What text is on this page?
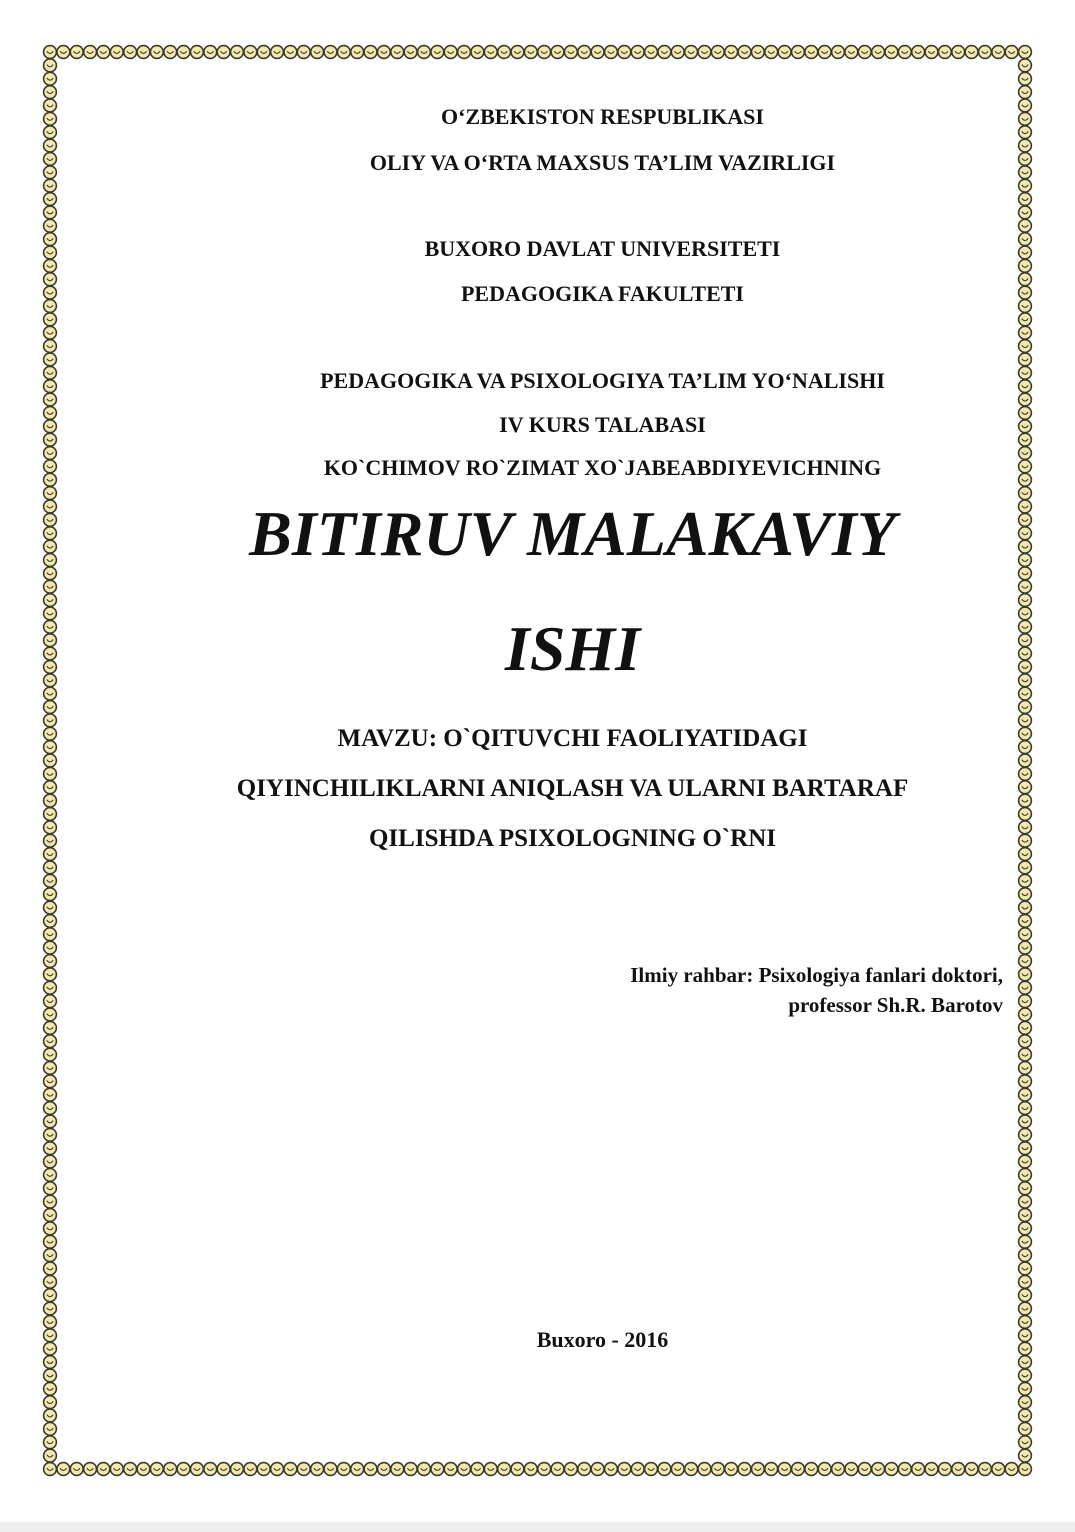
O‘ZBEKISTON RESPUBLIKASI
OLIY VA O‘RTA MAXSUS TA’LIM VAZIRLIGI
BUXORO DAVLAT UNIVERSITETI
PEDAGOGIKA FAKULTETI
PEDAGOGIKA VA PSIXOLOGIYA TA’LIM YO‘NALISHI
IV KURS TALABASI
KO`CHIMOV RO`ZIMAT XO`JABEABDIYEVICHNING
BITIRUV MALAKAVIY
ISHI
MAVZU: O`QITUVCHI FAOLIYATIDAGI
QIYINCHILIKLARNI ANIQLASH VA ULARNI BARTARAF
QILISHDA PSIXOLOGNING O`RNI
Ilmiy rahbar: Psixologiya fanlari doktori,
professor Sh.R. Barotov
Buxoro - 2016
